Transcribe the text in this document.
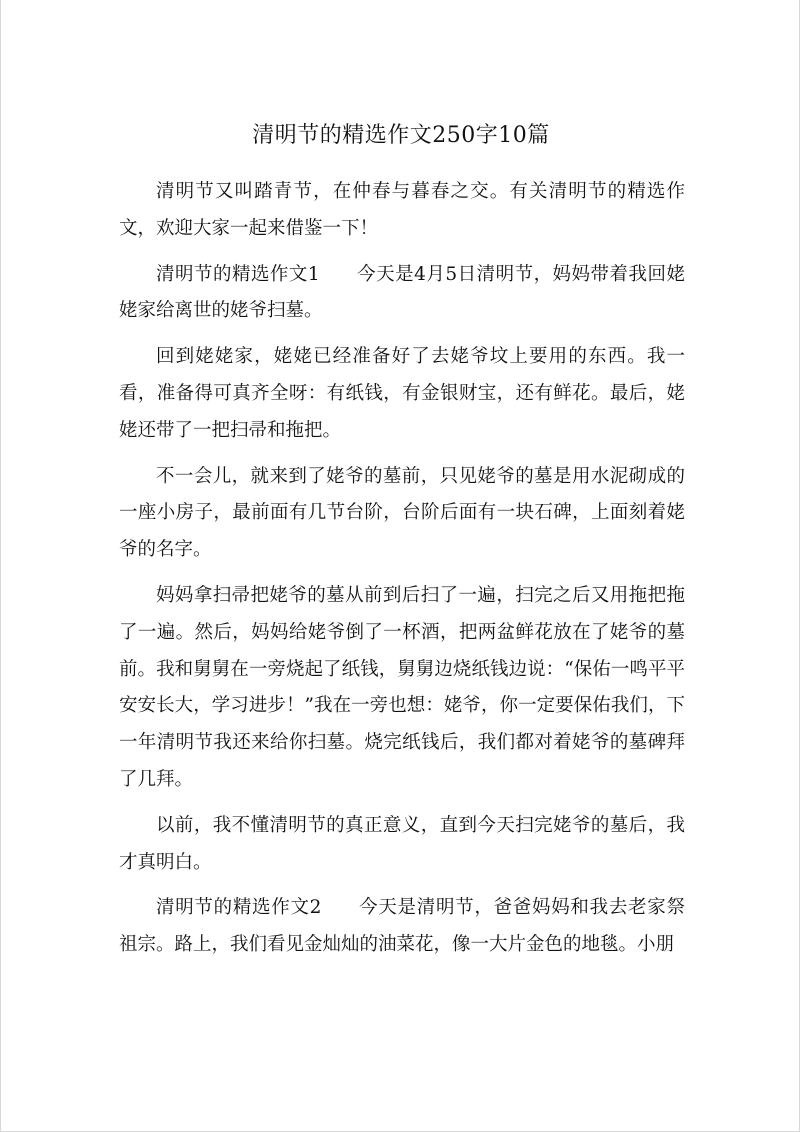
清明节的精选作文250字10篇

清明节又叫踏青节，在仲春与暮春之交。有关清明节的精选作文，欢迎大家一起来借鉴一下！

清明节的精选作文1 今天是4月5日清明节，妈妈带着我回姥姥家给离世的姥爷扫墓。

回到姥姥家，姥姥已经准备好了去姥爷坟上要用的东西。我一看，准备得可真齐全呀：有纸钱，有金银财宝，还有鲜花。最后，姥姥还带了一把扫帚和拖把。

不一会儿，就来到了姥爷的墓前，只见姥爷的墓是用水泥砌成的一座小房子，最前面有几节台阶，台阶后面有一块石碑，上面刻着姥爷的名字。

妈妈拿扫帚把姥爷的墓从前到后扫了一遍，扫完之后又用拖把拖了一遍。然后，妈妈给姥爷倒了一杯酒，把两盆鲜花放在了姥爷的墓前。我和舅舅在一旁烧起了纸钱，舅舅边烧纸钱边说：“保佑一鸣平平安安长大，学习进步！”我在一旁也想：姥爷，你一定要保佑我们，下一年清明节我还来给你扫墓。烧完纸钱后，我们都对着姥爷的墓碑拜了几拜。

以前，我不懂清明节的真正意义，直到今天扫完姥爷的墓后，我才真明白。

清明节的精选作文2 今天是清明节，爸爸妈妈和我去老家祭祖宗。路上，我们看见金灿灿的油菜花，像一大片金色的地毯。小朋
